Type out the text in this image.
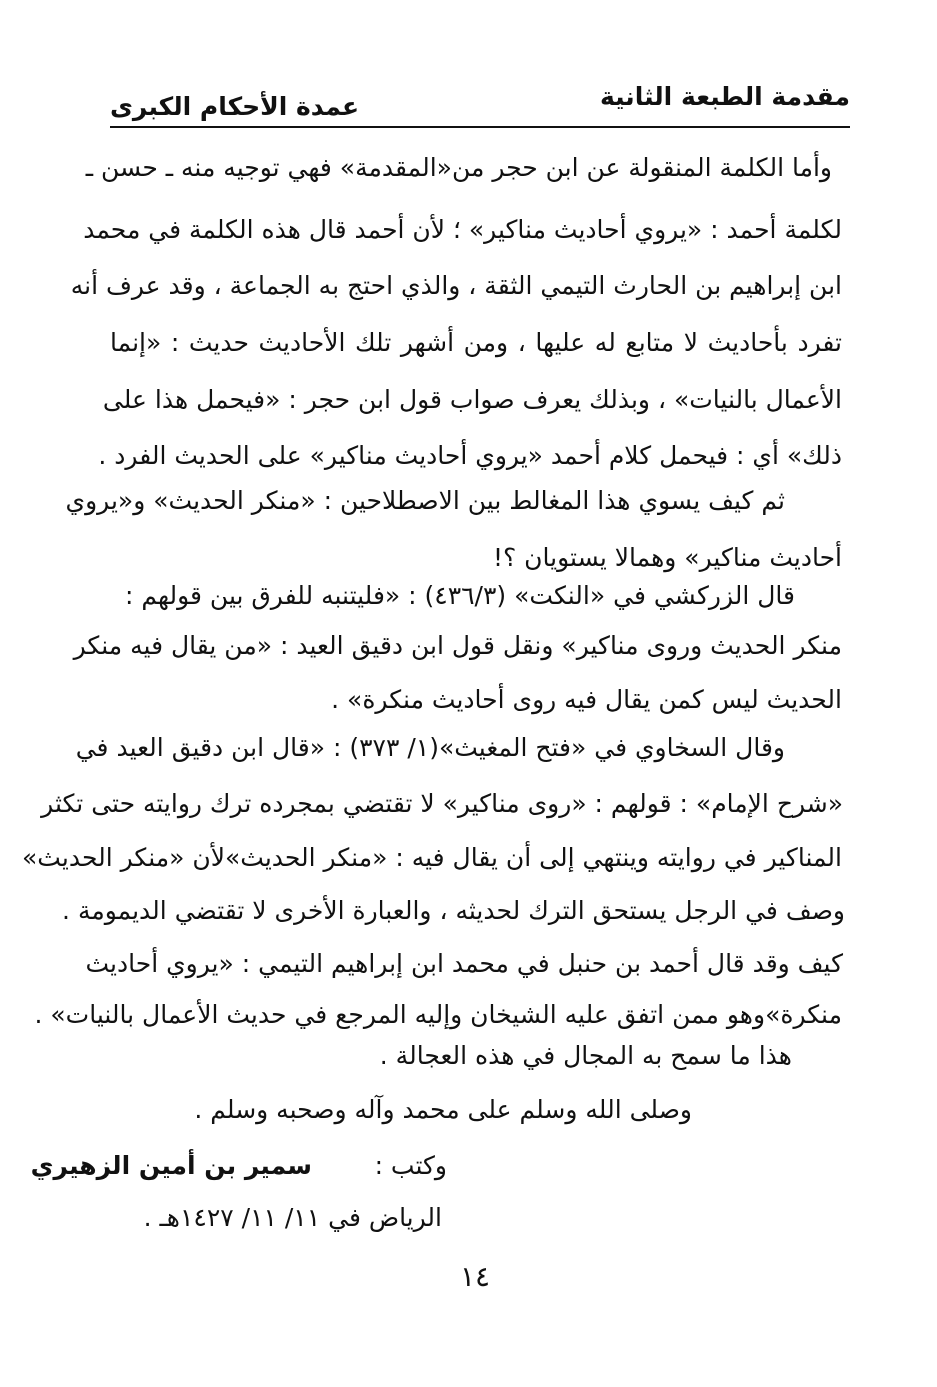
مقدمة الطبعة الثانية
عمدة الأحكام الكبرى
وأما الكلمة المنقولة عن ابن حجر من«المقدمة» فهي توجيه منه ـ حسن ـ
لكلمة أحمد : «يروي أحاديث مناكير» ؛ لأن أحمد قال هذه الكلمة في محمد
ابن إبراهيم بن الحارث التيمي الثقة ، والذي احتج به الجماعة ، وقد عرف أنه
تفرد بأحاديث لا متابع له عليها ، ومن أشهر تلك الأحاديث حديث : «إنما
الأعمال بالنيات» ، وبذلك يعرف صواب قول ابن حجر : «فيحمل هذا على
ذلك» أي : فيحمل كلام أحمد «يروي أحاديث مناكير» على الحديث الفرد .
ثم كيف يسوي هذا المغالط بين الاصطلاحين : «منكر الحديث» و«يروي
أحاديث مناكير» وهمالا يستويان ؟!
قال الزركشي في «النكت» (٤٣٦/٣) : «فليتنبه للفرق بين قولهم :
منكر الحديث وروى مناكير» ونقل قول ابن دقيق العيد : «من يقال فيه منكر
الحديث ليس كمن يقال فيه روى أحاديث منكرة» .
وقال السخاوي في «فتح المغيث»(١/ ٣٧٣) : «قال ابن دقيق العيد في
«شرح الإمام» : قولهم : «روى مناكير» لا تقتضي بمجرده ترك روايته حتى تكثر
المناكير في روايته وينتهي إلى أن يقال فيه : «منكر الحديث»لأن «منكر الحديث»
وصف في الرجل يستحق الترك لحديثه ، والعبارة الأخرى لا تقتضي الديمومة .
كيف وقد قال أحمد بن حنبل في محمد ابن إبراهيم التيمي : «يروي أحاديث
منكرة»وهو ممن اتفق عليه الشيخان وإليه المرجع في حديث الأعمال بالنيات» .
هذا ما سمح به المجال في هذه العجالة .
وصلى الله وسلم على محمد وآله وصحبه وسلم .
وكتب :
سمير بن أمين الزهيري
الرياض في ١١/ ١١/ ١٤٢٧هـ .
١٤
